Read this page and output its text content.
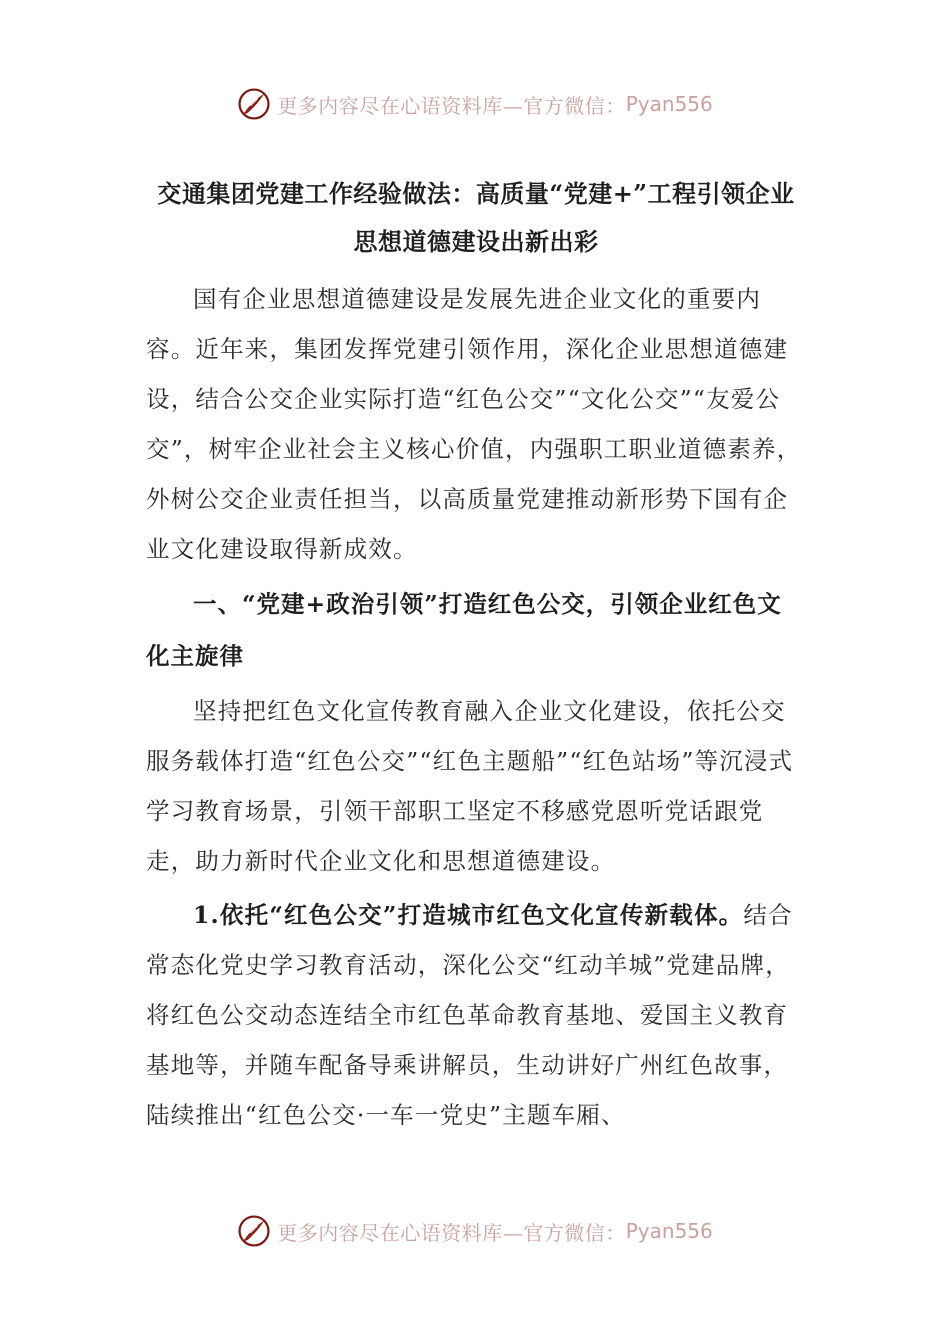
更多内容尽在心语资料库—官方微信： Pyan556
交通集团党建工作经验做法：高质量“党建+”工程引领企业思想道德建设出新出彩

国有企业思想道德建设是发展先进企业文化的重要内容。近年来，集团发挥党建引领作用，深化企业思想道德建设，结合公交企业实际打造“红色公交”“文化公交”“友爱公交”，树牢企业社会主义核心价值，内强职工职业道德素养，外树公交企业责任担当，以高质量党建推动新形势下国有企业文化建设取得新成效。

一、“党建+政治引领”打造红色公交，引领企业红色文化主旋律

坚持把红色文化宣传教育融入企业文化建设，依托公交服务载体打造“红色公交”“红色主题船”“红色站场”等沉浸式学习教育场景，引领干部职工坚定不移感党恩听党话跟党走，助力新时代企业文化和思想道德建设。

1.依托“红色公交”打造城市红色文化宣传新载体。结合常态化党史学习教育活动，深化公交“红动羊城”党建品牌，将红色公交动态连结全市红色革命教育基地、爱国主义教育基地等，并随车配备导乘讲解员，生动讲好广州红色故事，陆续推出“红色公交·一车一党史”主题车厢、

更多内容尽在心语资料库—官方微信： Pyan556
